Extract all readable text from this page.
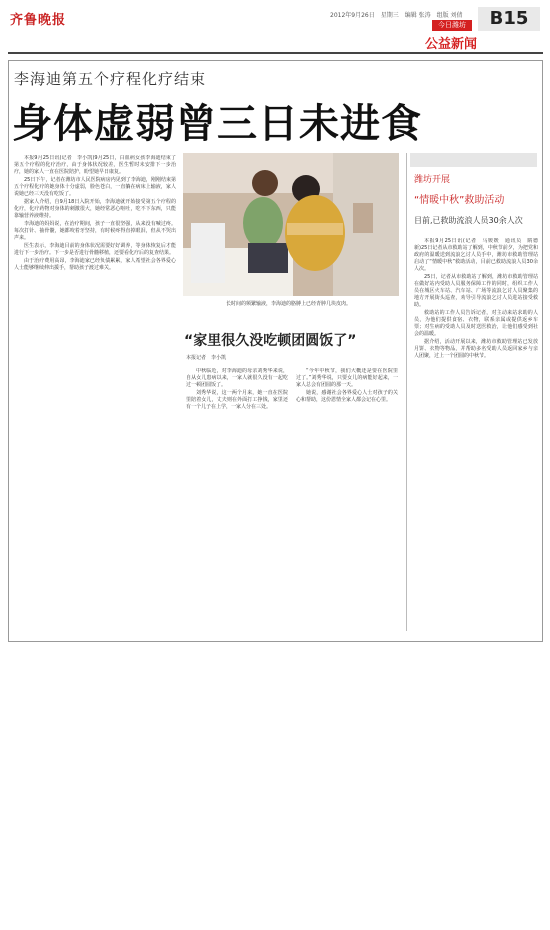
齐鲁晚报	2012年9月26日　星期三　编辑 张涛　组版 刘倩
今日潍坊
公益新闻
B15
李海迪第五个疗程化疗结束
身体虚弱曾三日未进食

本报9月25日讯(记者　李小凯)9月25日，白血病女孩李海迪结束了第五个疗程的化疗治疗，由于身体状况较差，医生暂时未安排下一步治疗，她的家人一直在医院陪护，盼望她早日康复。

25日下午，记者在潍坊市人民医院病房内见到了李海迪，刚刚结束第五个疗程化疗的她身体十分虚弱，脸色苍白，一直躺在病床上输液，家人说她已经三天没有吃饭了。

据家人介绍，自9月18日入院开始，李海迪就开始接受第五个疗程的化疗，化疗药物对身体的刺激很大，她经常恶心呕吐，吃不下东西，只能靠输营养液维持。

李海迪的妈妈说，在治疗期间，孩子一直很坚强，从来没有喊过疼。每次打针、抽骨髓，她都咬着牙坚持，有时候疼得直掉眼泪，但从不哭出声来。

医生表示，李海迪目前的身体状况需要好好调养，等身体恢复后才能进行下一步治疗。下一步是否进行骨髓移植，还要看化疗后的复查结果。

由于治疗费用高昂，李海迪家已经负债累累，家人希望社会各界爱心人士能够继续伸出援手，帮助孩子渡过难关。

长时间的频繁输液，李海迪的胳膊上已经青肿几块皮肉。
“家里很久没吃顿团圆饭了”
本报记者　李小凯

中秋临近，对李海迪的母亲刘秀华来说，自从女儿患病以来，一家人就很久没有一起吃过一顿团圆饭了。

刘秀华说，这一两个月来，她一直在医院里陪着女儿，丈夫则在外面打工挣钱，家里还有一个儿子在上学，一家人分在三处。

“今年中秋节，我们大概还是要在医院里过了。”刘秀华说，只要女儿的病能好起来，一家人总会有团圆的那一天。

她说，感谢社会各界爱心人士对孩子的关心和帮助，这份恩情全家人都会记在心里。

潍坊开展
“情暖中秋”救助活动
目前,已救助流浪人员30余人次

本报9月25日讯(记者　马媛媛　通讯员　隋德新)25日记者从市救助站了解到，中秋节前夕，为把党和政府的温暖送到流浪乞讨人员手中，潍坊市救助管理站启动了“情暖中秋”救助活动，目前已救助流浪人员30余人次。

25日，记者从市救助站了解到，潍坊市救助管理站在做好站内受助人员服务保障工作的同时，组织工作人员在城区火车站、汽车站、广场等流浪乞讨人员聚集的地方开展街头巡查，劝导引导流浪乞讨人员进站接受救助。

救助站的工作人员告诉记者，对主动来站求助的人员，为他们提供食宿、衣物，联系亲属或提供返乡车票；对生病的受助人员及时送医救治，让他们感受到社会的温暖。

据介绍，活动开展以来，潍坊市救助管理站已发放月饼、衣物等物品，并帮助多名受助人员返回家乡与亲人团聚，过上一个团圆的中秋节。
